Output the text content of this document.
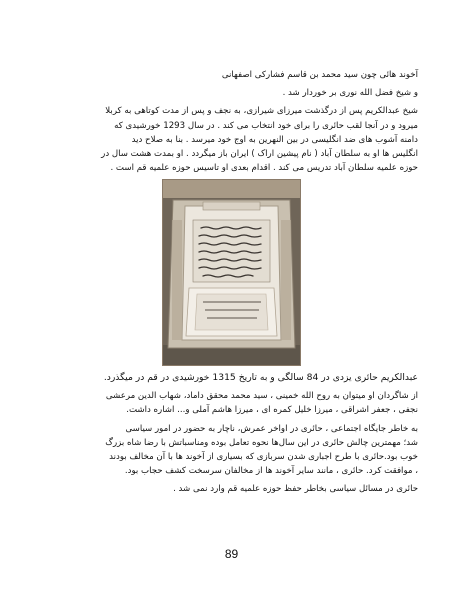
آخوند هائی چون سید محمد بن قاسم فشارکی اصفهانی

و شیخ فضل الله نوری بر خوردار شد .

شیخ عبدالکریم پس از درگذشت میرزای شیرازی، به نجف و پس از مدت کوتاهی به کربلا

میرود و در آنجا لقب حائری را برای خود انتخاب می کند . در سال 1293 خورشیدی که

دامنه آشوب های ضد انگلیسی در بین النهرین به اوج خود میرسد . بنا به صلاح دید

انگلیس ها او به سلطان آباد ( نام پیشین اراک ) ایران باز میگردد . او بمدت هشت سال در

حوزه علمیه سلطان آباد تدریس می کند . اقدام بعدی او تاسیس حوزه علمیه قم است .

عبدالکریم حائری یزدی در 84 سالگی و به تاریخ 1315 خورشیدی در قم در میگذرد.

از شاگردان او میتوان به روح الله خمینی ، سید محمد محقق داماد، شهاب الدین مرعشی

نجفی ، جعفر اشراقی ، میرزا خلیل کمره ای ، میرزا هاشم آملی و... اشاره داشت.

به خاطر جایگاه اجتماعی ، حائری در اواخر عمرش، ناچار به حضور در امور سیاسی

شد؛ مهمترین چالش حائری در این سال‌ها نحوه تعامل بوده ومناسباتش با رضا شاه بزرگ

خوب بود.حائری با طرح اجباری شدن سربازی که بسیاری از آخوند ها با آن مخالف بودند

، موافقت کرد. حائری ، مانند سایر آخوند ها از مخالفان سرسخت کشف حجاب بود.

حائری در مسائل سیاسی بخاطر حفظ حوزه علمیه قم وارد نمی شد .

89
